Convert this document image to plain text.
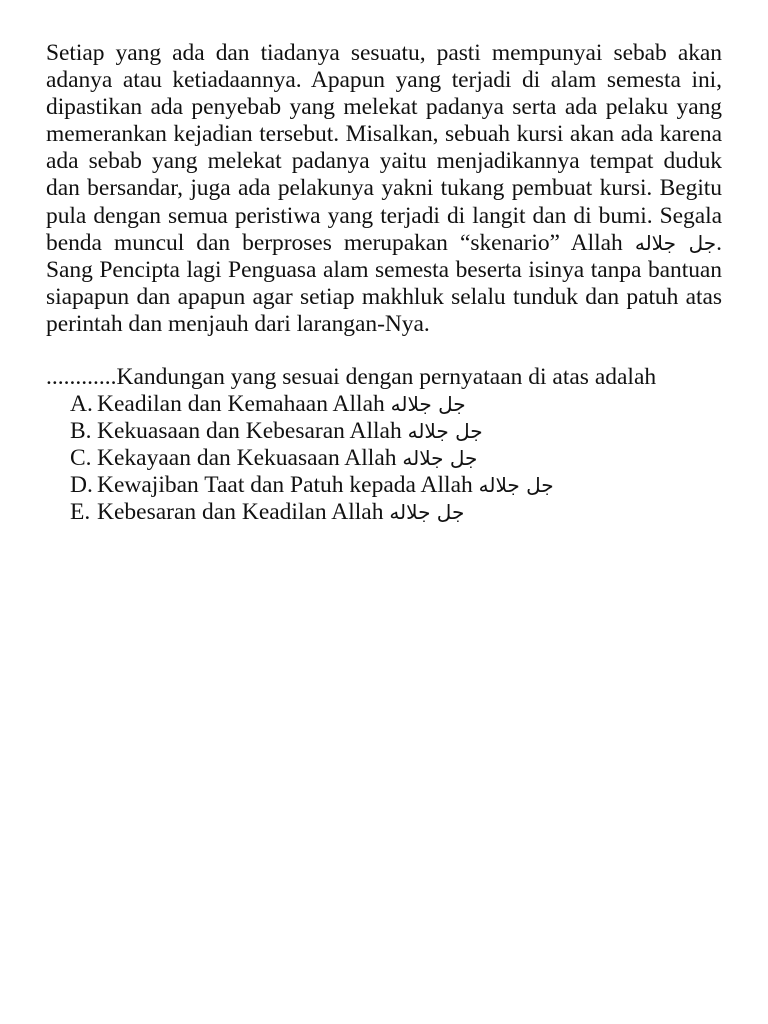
Setiap yang ada dan tiadanya sesuatu, pasti mempunyai sebab akan adanya atau ketiadaannya. Apapun yang terjadi di alam semesta ini, dipastikan ada penyebab yang melekat padanya serta ada pelaku yang memerankan kejadian tersebut. Misalkan, sebuah kursi akan ada karena ada sebab yang melekat padanya yaitu menjadikannya tempat duduk dan bersandar, juga ada pelakunya yakni tukang pembuat kursi. Begitu pula dengan semua peristiwa yang terjadi di langit dan di bumi. Segala benda muncul dan berproses merupakan “skenario” Allah جل جلاله. Sang Pencipta lagi Penguasa alam semesta beserta isinya tanpa bantuan siapapun dan apapun agar setiap makhluk selalu tunduk dan patuh atas perintah dan menjauh dari larangan-Nya.

............Kandungan yang sesuai dengan pernyataan di atas adalah
A. Keadilan dan Kemahaan Allah جل جلاله
B. Kekuasaan dan Kebesaran Allah جل جلاله
C. Kekayaan dan Kekuasaan Allah جل جلاله
D. Kewajiban Taat dan Patuh kepada Allah جل جلاله
E. Kebesaran dan Keadilan Allah جل جلاله
